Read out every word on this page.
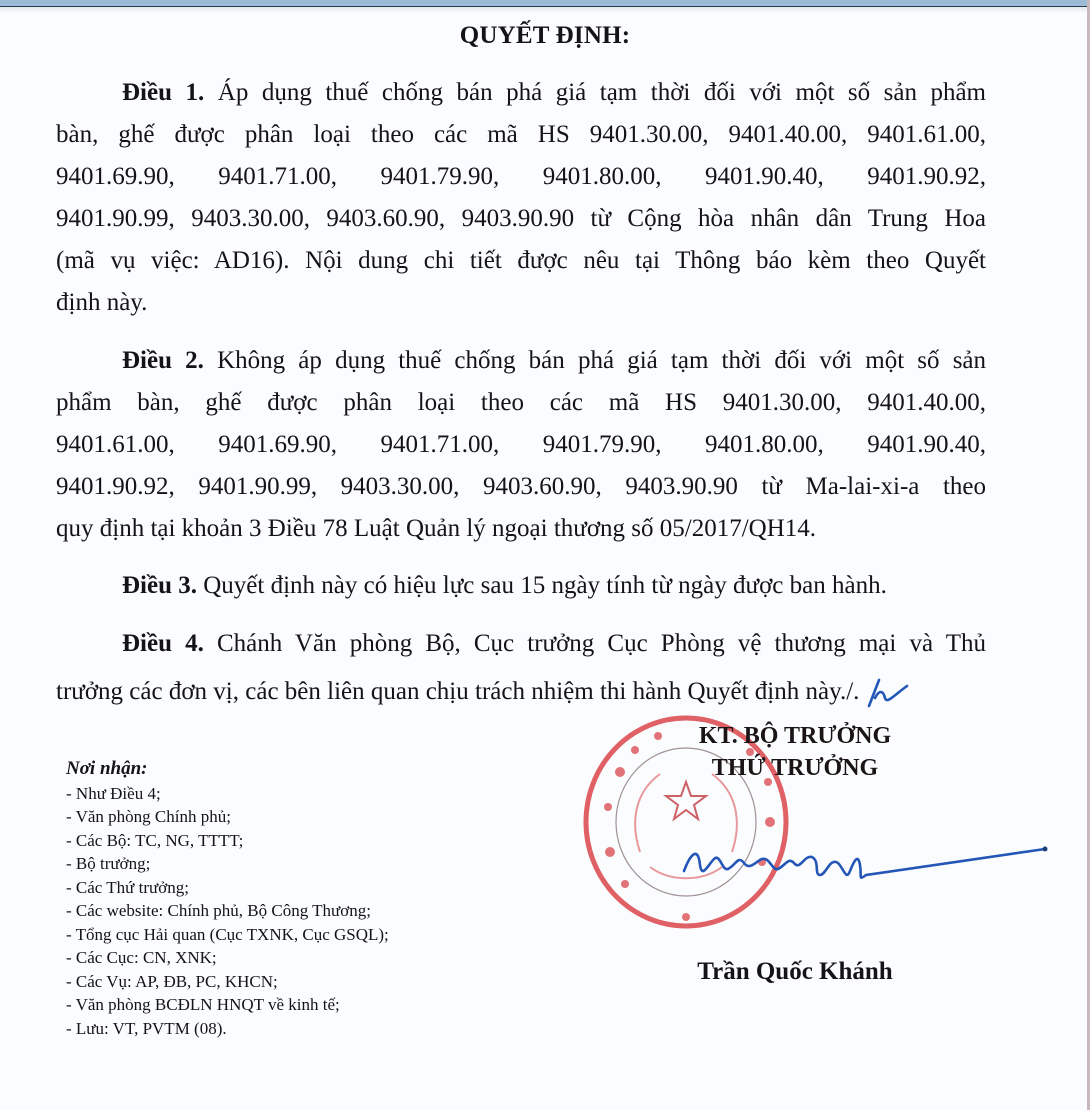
QUYẾT ĐỊNH:
Điều 1. Áp dụng thuế chống bán phá giá tạm thời đối với một số sản phẩm
bàn, ghế được phân loại theo các mã HS 9401.30.00, 9401.40.00, 9401.61.00,
9401.69.90, 9401.71.00, 9401.79.90, 9401.80.00, 9401.90.40, 9401.90.92,
9401.90.99, 9403.30.00, 9403.60.90, 9403.90.90 từ Cộng hòa nhân dân Trung Hoa
(mã vụ việc: AD16). Nội dung chi tiết được nêu tại Thông báo kèm theo Quyết
định này.
Điều 2. Không áp dụng thuế chống bán phá giá tạm thời đối với một số sản
phẩm bàn, ghế được phân loại theo các mã HS 9401.30.00, 9401.40.00,
9401.61.00, 9401.69.90, 9401.71.00, 9401.79.90, 9401.80.00, 9401.90.40,
9401.90.92, 9401.90.99, 9403.30.00, 9403.60.90, 9403.90.90 từ Ma-lai-xi-a theo
quy định tại khoản 3 Điều 78 Luật Quản lý ngoại thương số 05/2017/QH14.
Điều 3. Quyết định này có hiệu lực sau 15 ngày tính từ ngày được ban hành.
Điều 4. Chánh Văn phòng Bộ, Cục trưởng Cục Phòng vệ thương mại và Thủ
trưởng các đơn vị, các bên liên quan chịu trách nhiệm thi hành Quyết định này./.
Nơi nhận:
- Như Điều 4;
- Văn phòng Chính phủ;
- Các Bộ: TC, NG, TTTT;
- Bộ trưởng;
- Các Thứ trưởng;
- Các website: Chính phủ, Bộ Công Thương;
- Tổng cục Hải quan (Cục TXNK, Cục GSQL);
- Các Cục: CN, XNK;
- Các Vụ: AP, ĐB, PC, KHCN;
- Văn phòng BCĐLN HNQT về kinh tế;
- Lưu: VT, PVTM (08).
KT. BỘ TRƯỞNG
THỨ TRƯỞNG
Trần Quốc Khánh
